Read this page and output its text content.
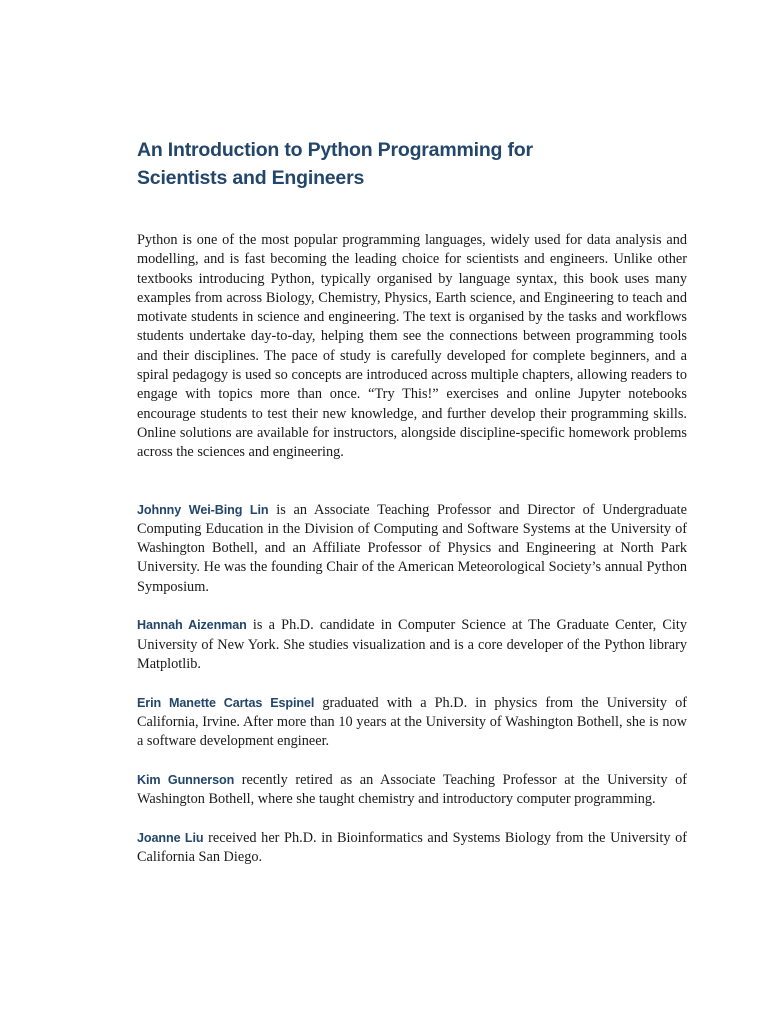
An Introduction to Python Programming for
Scientists and Engineers

Python is one of the most popular programming languages, widely used for data analysis and modelling, and is fast becoming the leading choice for scientists and engineers. Unlike other textbooks introducing Python, typically organised by language syntax, this book uses many examples from across Biology, Chemistry, Physics, Earth science, and Engineering to teach and motivate students in science and engineering. The text is organised by the tasks and workflows students undertake day-to-day, helping them see the connections between programming tools and their disciplines. The pace of study is carefully developed for complete beginners, and a spiral pedagogy is used so concepts are introduced across multiple chapters, allowing readers to engage with topics more than once. “Try This!” exercises and online Jupyter notebooks encourage students to test their new knowledge, and further develop their programming skills. Online solutions are available for instructors, alongside discipline-specific homework problems across the sciences and engineering.

Johnny Wei-Bing Lin is an Associate Teaching Professor and Director of Undergraduate Computing Education in the Division of Computing and Software Systems at the University of Washington Bothell, and an Affiliate Professor of Physics and Engineering at North Park University. He was the founding Chair of the American Meteorological Society’s annual Python Symposium.

Hannah Aizenman is a Ph.D. candidate in Computer Science at The Graduate Center, City University of New York. She studies visualization and is a core developer of the Python library Matplotlib.

Erin Manette Cartas Espinel graduated with a Ph.D. in physics from the University of California, Irvine. After more than 10 years at the University of Washington Bothell, she is now a software development engineer.

Kim Gunnerson recently retired as an Associate Teaching Professor at the University of Washington Bothell, where she taught chemistry and introductory computer programming.

Joanne Liu received her Ph.D. in Bioinformatics and Systems Biology from the University of California San Diego.
